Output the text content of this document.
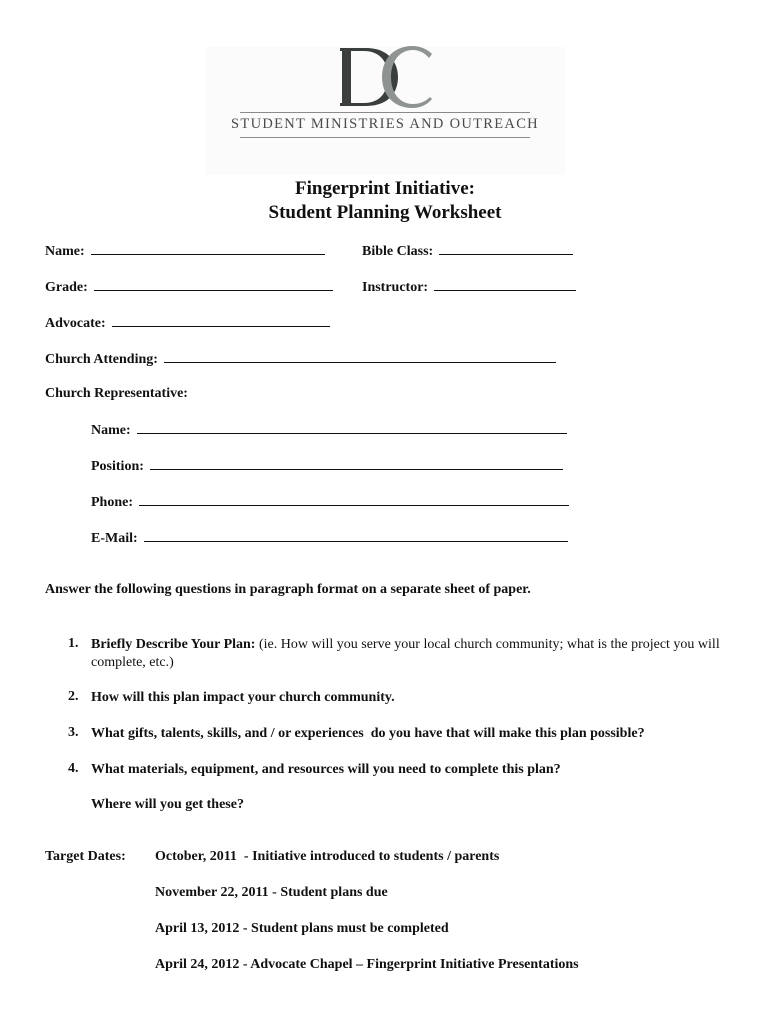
STUDENT MINISTRIES AND OUTREACH
Fingerprint Initiative:
Student Planning Worksheet
Name:	Bible Class:
Grade:	Instructor:
Advocate:
Church Attending:
Church Representative:
Name:
Position:
Phone:
E-Mail:
Answer the following questions in paragraph format on a separate sheet of paper.
1. Briefly Describe Your Plan: (ie. How will you serve your local church community; what is the project you will complete, etc.)
2. How will this plan impact your church community.
3. What gifts, talents, skills, and / or experiences  do you have that will make this plan possible?
4. What materials, equipment, and resources will you need to complete this plan?
Where will you get these?
Target Dates: October, 2011  - Initiative introduced to students / parents
November 22, 2011 - Student plans due
April 13, 2012 - Student plans must be completed
April 24, 2012 - Advocate Chapel – Fingerprint Initiative Presentations
